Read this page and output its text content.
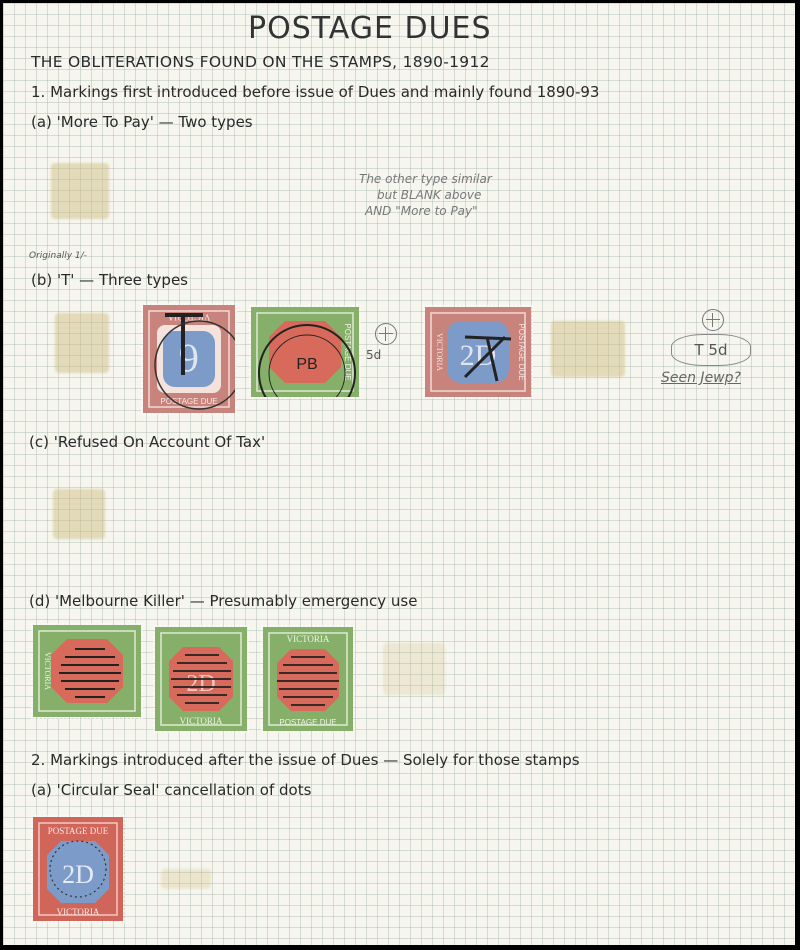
POSTAGE DUES
THE OBLITERATIONS FOUND ON THE STAMPS, 1890-1912
1. Markings first introduced before issue of Dues and mainly found 1890-93
(a) 'More To Pay' — Two types
The other type similar
but BLANK above
AND "More to Pay"
Originally 1/-
(b) 'T' — Three types
6
VICTORIA
POSTAGE DUE
POSTAGE DUE
PB
5d	2D
VICTORIA	POSTAGE DUE	T 5d
Seen Jewp?
(c) 'Refused On Account Of Tax'
(d) 'Melbourne Killer' — Presumably emergency use
VICTORIA	2D
VICTORIA
VICTORIA
POSTAGE DUE
2. Markings introduced after the issue of Dues — Solely for those stamps
(a) 'Circular Seal' cancellation of dots
POSTAGE DUE
2D
VICTORIA
